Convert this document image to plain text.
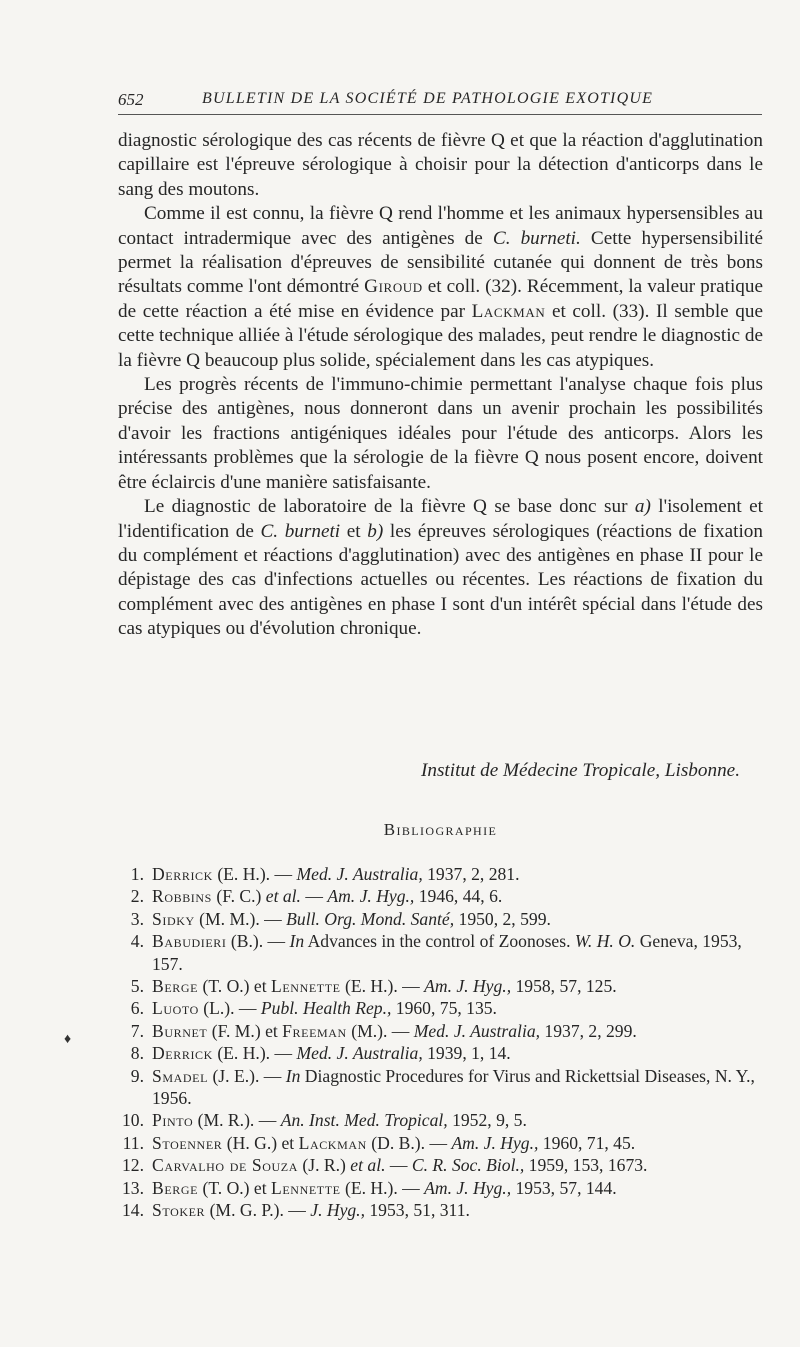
652	BULLETIN DE LA SOCIÉTÉ DE PATHOLOGIE EXOTIQUE

diagnostic sérologique des cas récents de fièvre Q et que la réaction d'agglutination capillaire est l'épreuve sérologique à choisir pour la détection d'anticorps dans le sang des moutons.

Comme il est connu, la fièvre Q rend l'homme et les animaux hypersensibles au contact intradermique avec des antigènes de C. burneti. Cette hypersensibilité permet la réalisation d'épreuves de sensibilité cutanée qui donnent de très bons résultats comme l'ont démontré Giroud et coll. (32). Récemment, la valeur pratique de cette réaction a été mise en évidence par Lackman et coll. (33). Il semble que cette technique alliée à l'étude sérologique des malades, peut rendre le diagnostic de la fièvre Q beaucoup plus solide, spécialement dans les cas atypiques.

Les progrès récents de l'immuno-chimie permettant l'analyse chaque fois plus précise des antigènes, nous donneront dans un avenir prochain les possibilités d'avoir les fractions antigéniques idéales pour l'étude des anticorps. Alors les intéressants problèmes que la sérologie de la fièvre Q nous posent encore, doivent être éclaircis d'une manière satisfaisante.

Le diagnostic de laboratoire de la fièvre Q se base donc sur a) l'isolement et l'identification de C. burneti et b) les épreuves sérologiques (réactions de fixation du complément et réactions d'agglutination) avec des antigènes en phase II pour le dépistage des cas d'infections actuelles ou récentes. Les réactions de fixation du complément avec des antigènes en phase I sont d'un intérêt spécial dans l'étude des cas atypiques ou d'évolution chronique.

Institut de Médecine Tropicale, Lisbonne.
Bibliographie
1. Derrick (E. H.). — Med. J. Australia, 1937, 2, 281.
2. Robbins (F. C.) et al. — Am. J. Hyg., 1946, 44, 6.
3. Sidky (M. M.). — Bull. Org. Mond. Santé, 1950, 2, 599.
4. Babudieri (B.). — In Advances in the control of Zoonoses. W. H. O. Geneva, 1953, 157.
5. Berge (T. O.) et Lennette (E. H.). — Am. J. Hyg., 1958, 57, 125.
6. Luoto (L.). — Publ. Health Rep., 1960, 75, 135.
7. Burnet (F. M.) et Freeman (M.). — Med. J. Australia, 1937, 2, 299.
8. Derrick (E. H.). — Med. J. Australia, 1939, 1, 14.
9. Smadel (J. E.). — In Diagnostic Procedures for Virus and Rickettsial Diseases, N. Y., 1956.
10. Pinto (M. R.). — An. Inst. Med. Tropical, 1952, 9, 5.
11. Stoenner (H. G.) et Lackman (D. B.). — Am. J. Hyg., 1960, 71, 45.
12. Carvalho de Souza (J. R.) et al. — C. R. Soc. Biol., 1959, 153, 1673.
13. Berge (T. O.) et Lennette (E. H.). — Am. J. Hyg., 1953, 57, 144.
14. Stoker (M. G. P.). — J. Hyg., 1953, 51, 311.
♦
